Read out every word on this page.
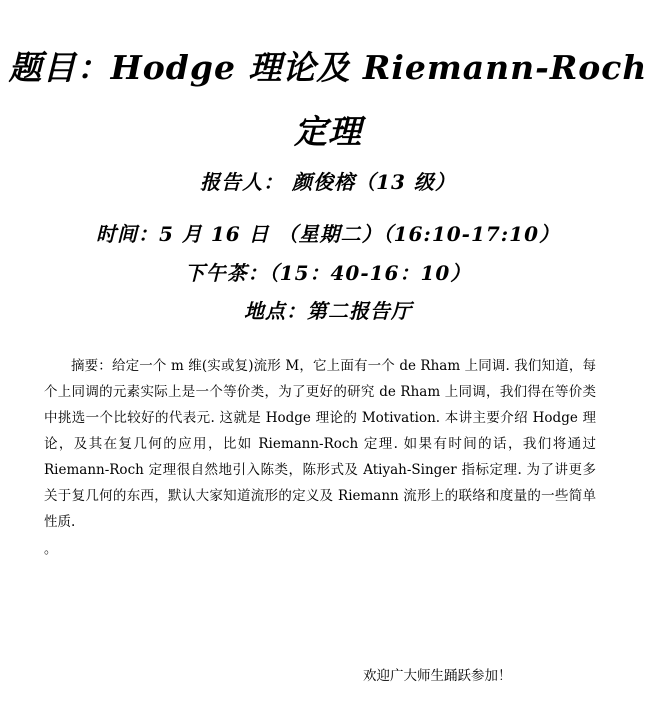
题目：Hodge 理论及 Riemann-Roch
定理
报告人： 颜俊榕（13 级）
时间：5 月 16 日 （星期二）（16:10-17:10）
下午茶：（15：40-16：10）
地点：第二报告厅
摘要：给定一个 m 维(实或复)流形 M，它上面有一个 de Rham 上同调. 我们知道，每个上同调的元素实际上是一个等价类，为了更好的研究 de Rham 上同调，我们得在等价类中挑选一个比较好的代表元. 这就是 Hodge 理论的 Motivation. 本讲主要介绍 Hodge 理论，及其在复几何的应用，比如 Riemann-Roch 定理. 如果有时间的话，我们将通过 Riemann-Roch 定理很自然地引入陈类，陈形式及 Atiyah-Singer 指标定理. 为了讲更多关于复几何的东西，默认大家知道流形的定义及 Riemann 流形上的联络和度量的一些简单性质.
。
欢迎广大师生踊跃参加！
